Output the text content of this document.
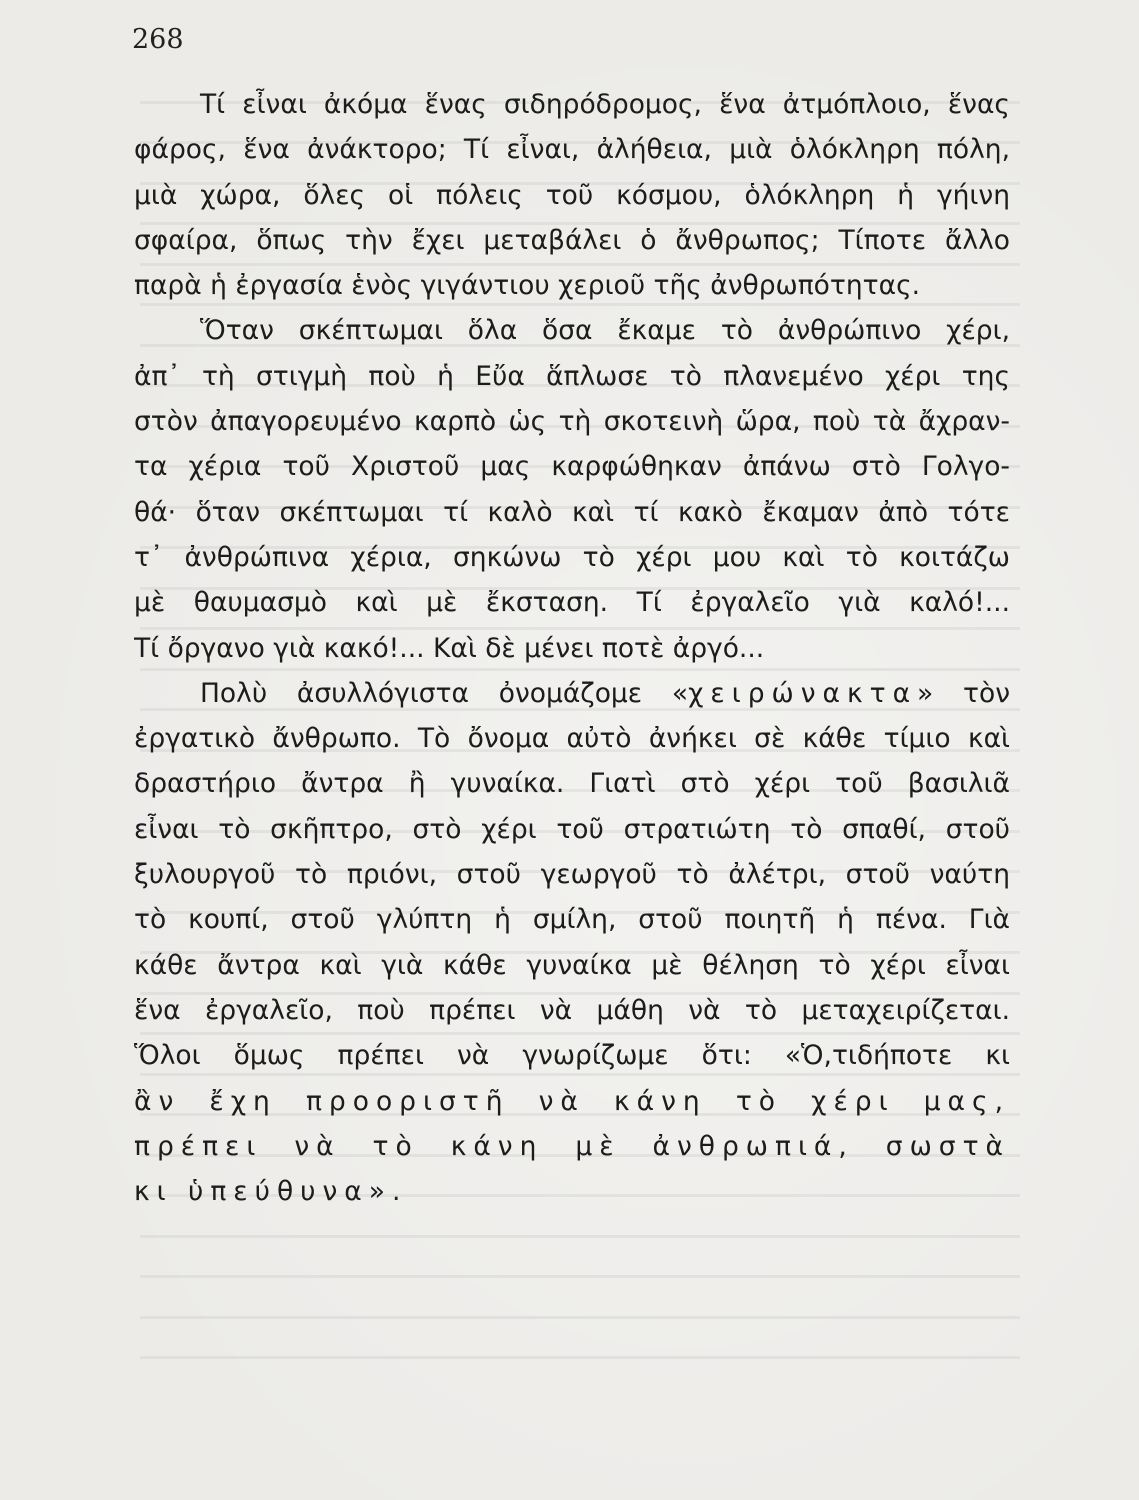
268
Τί εἶναι ἀκόμα ἕνας σιδηρόδρομος, ἕνα ἀτμόπλοιο, ἕνας
φάρος, ἕνα ἀνάκτορο; Τί εἶναι, ἀλήθεια, μιὰ ὁλόκληρη πόλη,
μιὰ χώρα, ὅλες οἱ πόλεις τοῦ κόσμου, ὁλόκληρη ἡ γήινη
σφαίρα, ὅπως τὴν ἔχει μεταβάλει ὁ ἄνθρωπος; Τίποτε ἄλλο
παρὰ ἡ ἐργασία ἑνὸς γιγάντιου χεριοῦ τῆς ἀνθρωπότητας.
Ὅταν σκέπτωμαι ὅλα ὅσα ἔκαμε τὸ ἀνθρώπινο χέρι,
ἀπ᾽ τὴ στιγμὴ ποὺ ἡ Εὔα ἅπλωσε τὸ πλανεμένο χέρι της
στὸν ἀπαγορευμένο καρπὸ ὡς τὴ σκοτεινὴ ὥρα, ποὺ τὰ ἄχραν-
τα χέρια τοῦ Χριστοῦ μας καρφώθηκαν ἀπάνω στὸ Γολγο-
θά· ὅταν σκέπτωμαι τί καλὸ καὶ τί κακὸ ἔκαμαν ἀπὸ τότε
τ᾽ ἀνθρώπινα χέρια, σηκώνω τὸ χέρι μου καὶ τὸ κοιτάζω
μὲ θαυμασμὸ καὶ μὲ ἔκσταση. Τί ἐργαλεῖο γιὰ καλό!...
Τί ὄργανο γιὰ κακό!... Καὶ δὲ μένει ποτὲ ἀργό...
Πολὺ ἀσυλλόγιστα ὀνομάζομε «χειρώνακτα» τὸν
ἐργατικὸ ἄνθρωπο. Τὸ ὄνομα αὐτὸ ἀνήκει σὲ κάθε τίμιο καὶ
δραστήριο ἄντρα ἢ γυναίκα. Γιατὶ στὸ χέρι τοῦ βασιλιᾶ
εἶναι τὸ σκῆπτρο, στὸ χέρι τοῦ στρατιώτη τὸ σπαθί, στοῦ
ξυλουργοῦ τὸ πριόνι, στοῦ γεωργοῦ τὸ ἀλέτρι, στοῦ ναύτη
τὸ κουπί, στοῦ γλύπτη ἡ σμίλη, στοῦ ποιητῆ ἡ πένα. Γιὰ
κάθε ἄντρα καὶ γιὰ κάθε γυναίκα μὲ θέληση τὸ χέρι εἶναι
ἕνα ἐργαλεῖο, ποὺ πρέπει νὰ μάθη νὰ τὸ μεταχειρίζεται.
Ὅλοι ὅμως πρέπει νὰ γνωρίζωμε ὅτι: «Ὁ,τιδήποτε κι
ἂν ἔχη προοριστῆ νὰ κάνη τὸ χέρι μας,
πρέπει νὰ τὸ κάνη μὲ ἀνθρωπιά, σωστὰ
κι ὑπεύθυνα».
